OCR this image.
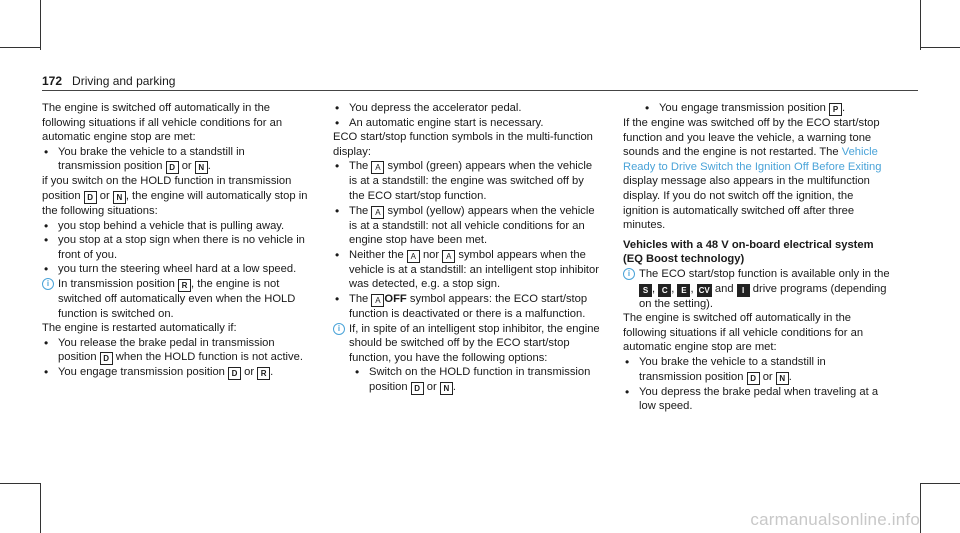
172 Driving and parking

The engine is switched off automatically in the following situations if all vehicle conditions for an automatic engine stop are met:

• You brake the vehicle to a standstill in transmission position D or N .

if you switch on the HOLD function in transmission position D or N , the engine will automatically stop in the following situations:

• you stop behind a vehicle that is pulling away.
• you stop at a stop sign when there is no vehicle in front of you.
• you turn the steering wheel hard at a low speed.
i In transmission position R , the engine is not switched off automatically even when the HOLD function is switched on.

The engine is restarted automatically if:

• You release the brake pedal in transmission position D when the HOLD function is not active.
• You engage transmission position D or R .
• You depress the accelerator pedal.
• An automatic engine start is necessary.

ECO start/stop function symbols in the multi-function display:

• The A symbol (green) appears when the vehicle is at a standstill: the engine was switched off by the ECO start/stop function.
• The A symbol (yellow) appears when the vehicle is at a standstill: not all vehicle conditions for an engine stop have been met.
• Neither the A nor A symbol appears when the vehicle is at a standstill: an intelligent stop inhibitor was detected, e.g. a stop sign.
• The A OFF symbol appears: the ECO start/stop function is deactivated or there is a malfunction.
i If, in spite of an intelligent stop inhibitor, the engine should be switched off by the ECO start/stop function, you have the following options:
• Switch on the HOLD function in transmission position D or N .
• You engage transmission position P .

If the engine was switched off by the ECO start/stop function and you leave the vehicle, a warning tone sounds and the engine is not restarted. The Vehicle Ready to Drive Switch the Ignition Off Before Exiting display message also appears in the multifunction display. If you do not switch off the ignition, the ignition is automatically switched off after three minutes.

Vehicles with a 48 V on-board electrical system (EQ Boost technology)

i The ECO start/stop function is available only in the S , C , E , CV and I drive programs (depending on the setting).

The engine is switched off automatically in the following situations if all vehicle conditions for an automatic engine stop are met:

• You brake the vehicle to a standstill in transmission position D or N .
• You depress the brake pedal when traveling at a low speed.
carmanualsonline.info
